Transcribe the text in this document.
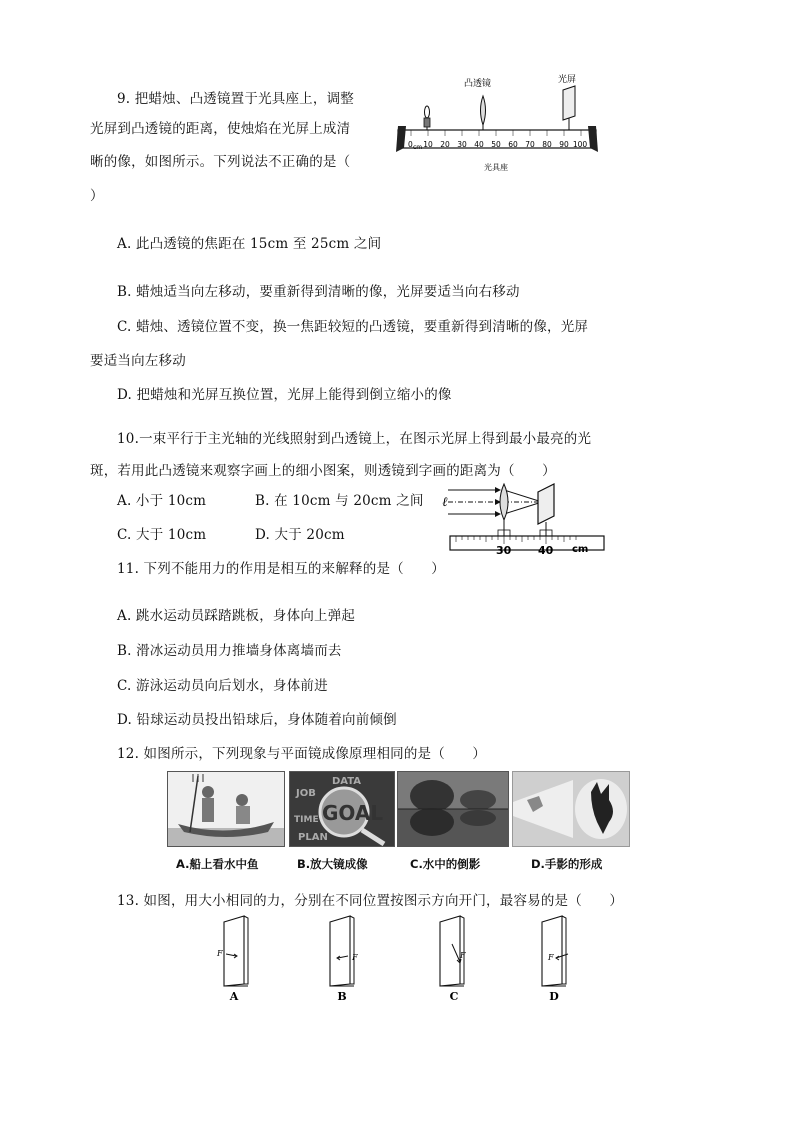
9. 把蜡烛、凸透镜置于光具座上，调整
光屏到凸透镜的距离，使烛焰在光屏上成清
晰的像，如图所示。下列说法不正确的是（
）
凸透镜	光屏
0 cm 10 20 30 40 50 60 70 80 90 100
光具座
A. 此凸透镜的焦距在 15cm 至 25cm 之间
B. 蜡烛适当向左移动，要重新得到清晰的像，光屏要适当向右移动
C. 蜡烛、透镜位置不变，换一焦距较短的凸透镜，要重新得到清晰的像，光屏
要适当向左移动
D. 把蜡烛和光屏互换位置，光屏上能得到倒立缩小的像
10.一束平行于主光轴的光线照射到凸透镜上，在图示光屏上得到最小最亮的光
斑，若用此凸透镜来观察字画上的细小图案，则透镜到字画的距离为（　　）
A. 小于 10cm	B. 在 10cm 与 20cm 之间
C. 大于 10cm	D. 大于 20cm
ℓ
30 40 cm
11. 下列不能用力的作用是相互的来解释的是（　　）
A. 跳水运动员踩踏跳板，身体向上弹起
B. 滑冰运动员用力推墙身体离墙而去
C. 游泳运动员向后划水，身体前进
D. 铅球运动员投出铅球后，身体随着向前倾倒
12. 如图所示，下列现象与平面镜成像原理相同的是（　　）
JOB
DATA
TIME
PLAN
GOAL
A.船上看水中鱼	B.放大镜成像	C.水中的倒影	D.手影的形成
13. 如图，用大小相同的力，分别在不同位置按图示方向开门，最容易的是（　　）
F
A
F
B
F
C
F
D
